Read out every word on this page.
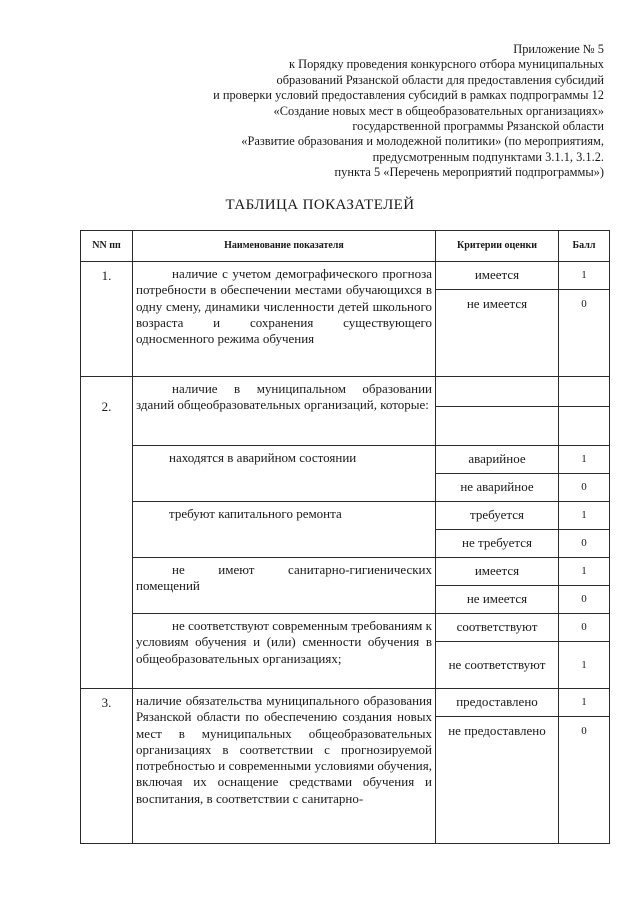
Приложение № 5
к Порядку проведения конкурсного отбора муниципальных
образований Рязанской области для предоставления субсидий
и проверки условий предоставления субсидий в рамках подпрограммы 12
«Создание новых мест в общеобразовательных организациях»
государственной программы Рязанской области
«Развитие образования и молодежной политики» (по мероприятиям,
предусмотренным подпунктами 3.1.1, 3.1.2.
пункта 5 «Перечень мероприятий подпрограммы»)
ТАБЛИЦА ПОКАЗАТЕЛЕЙ
NN пп	Наименование показателя	Критерии оценки	Балл
1.	наличие с учетом демографического прогноза потребности в обеспечении местами обучающихся в одну смену, динамики численности детей школьного возраста и сохранения существующего односменного режима обучения	имеется	1
		не имеется	0
2.	наличие в муниципальном образовании зданий общеобразовательных организаций, которые:		

	находятся в аварийном состоянии	аварийное	1
		не аварийное	0
	требуют капитального ремонта	требуется	1
		не требуется	0
	не имеют санитарно-гигиенических помещений	имеется	1
		не имеется	0
	не соответствуют современным требованиям к условиям обучения и (или) сменности обучения в общеобразовательных организациях;	соответствуют	0
		не соответствуют	1
3.	наличие обязательства муниципального образования Рязанской области по обеспечению создания новых мест в муниципальных общеобразовательных организациях в соответствии с прогнозируемой потребностью и современными условиями обучения, включая их оснащение средствами обучения и воспитания, в соответствии с санитарно-	предоставлено	1
		не предоставлено	0
